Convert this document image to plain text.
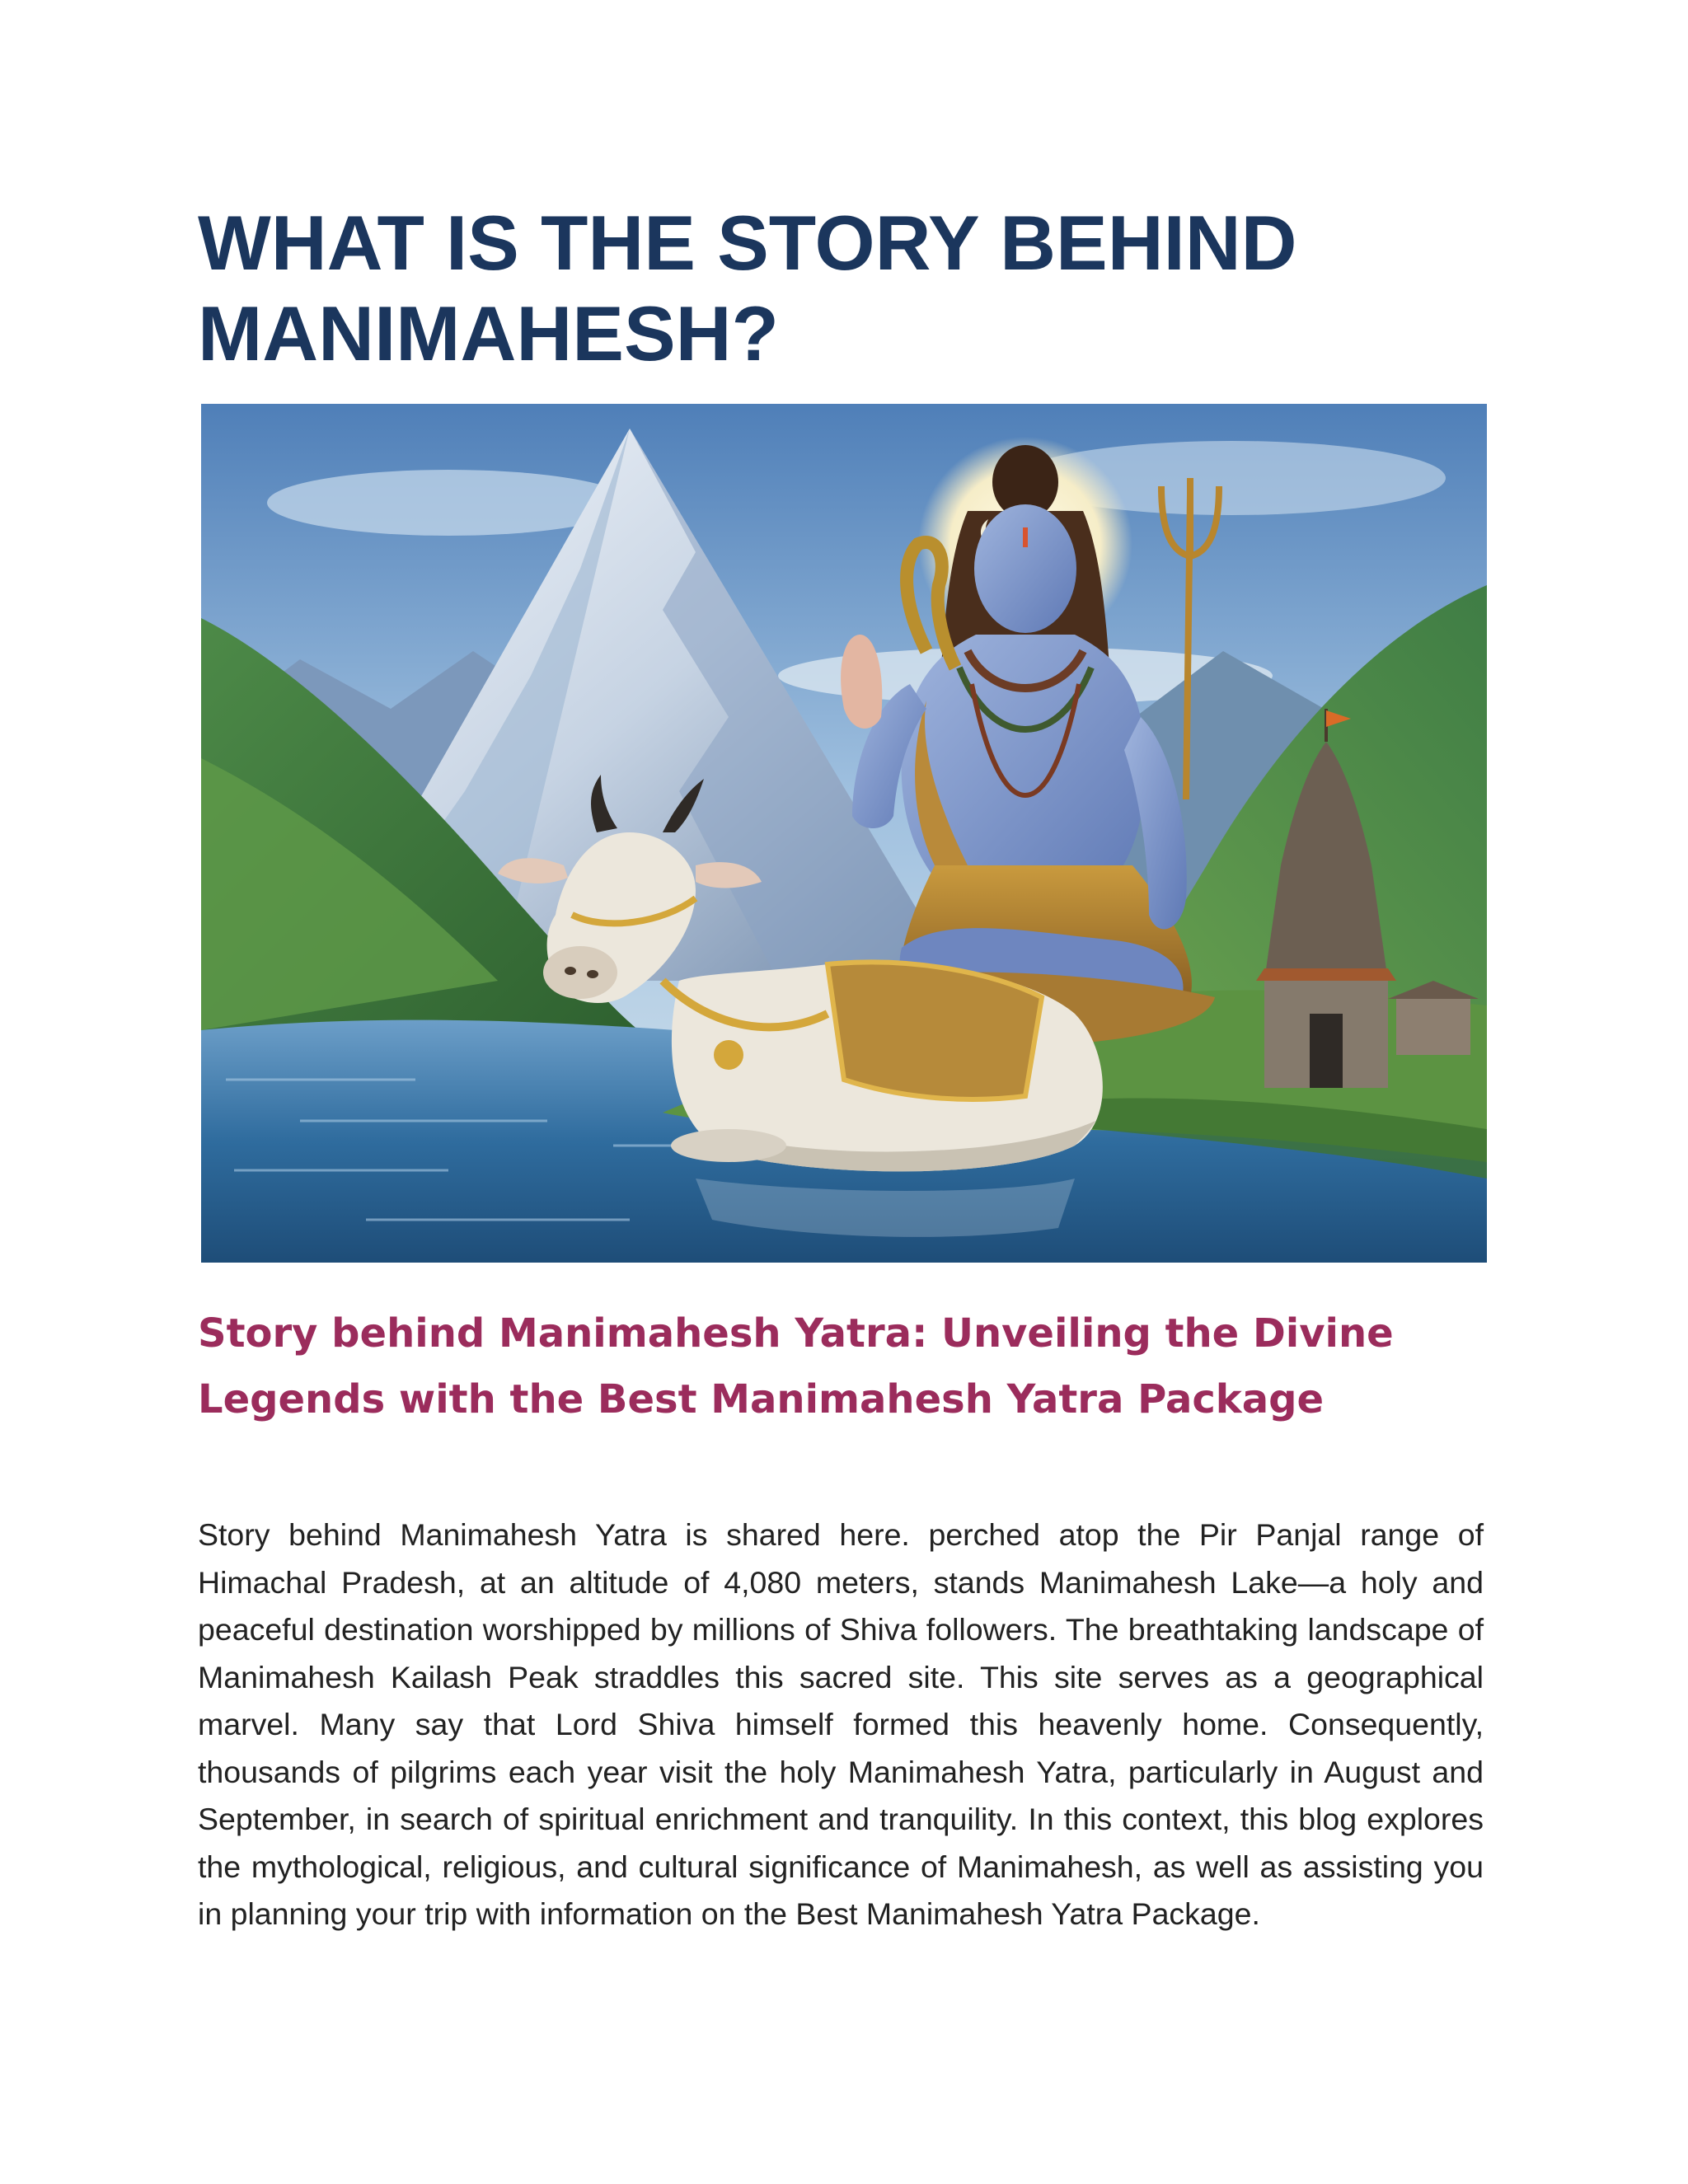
WHAT IS THE STORY BEHIND MANIMAHESH?
Story behind Manimahesh Yatra: Unveiling the Divine Legends with the Best Manimahesh Yatra Package

Story behind Manimahesh Yatra is shared here. perched atop the Pir Panjal range of Himachal Pradesh, at an altitude of 4,080 meters, stands Manimahesh Lake—a holy and peaceful destination worshipped by millions of Shiva followers. The breathtaking landscape of Manimahesh Kailash Peak straddles this sacred site. This site serves as a geographical marvel. Many say that Lord Shiva himself formed this heavenly home. Consequently, thousands of pilgrims each year visit the holy Manimahesh Yatra, particularly in August and September, in search of spiritual enrichment and tranquility. In this context, this blog explores the mythological, religious, and cultural significance of Manimahesh, as well as assisting you in planning your trip with information on the Best Manimahesh Yatra Package.
